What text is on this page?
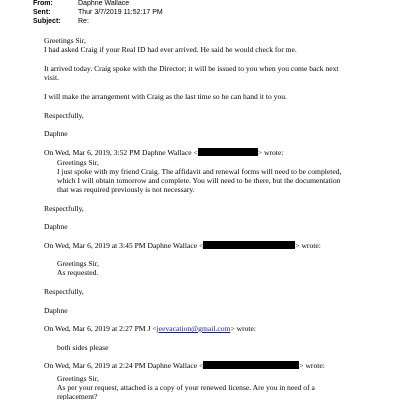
From:	Daphne Wallace
Sent:	Thur 3/7/2019 11:52:17 PM
Subject:	Re:
Greetings Sir,
I had asked Craig if your Real ID had ever arrived. He said he would check for me.
It arrived today. Craig spoke with the Director; it will be issued to you when you come back next
visit.
I will make the arrangement with Craig as the last time so he can hand it to you.
Respectfully,
Daphne
On Wed, Mar 6, 2019, 3:52 PM Daphne Wallace <	> wrote:
Greetings Sir,
I just spoke with my friend Craig. The affidavit and renewal forms will need to be completed,
which I will obtain tomorrow and complete. You will need to be there, but the documentation
that was required previously is not necessary.
Respectfully,
Daphne
On Wed, Mar 6, 2019 at 3:45 PM Daphne Wallace <	> wrote:
Greetings Sir,
As requested.
Respectfully,
Daphne
On Wed, Mar 6, 2019 at 2:27 PM J <jeevacation@gmail.com> wrote:
both sides please
On Wed, Mar 6, 2019 at 2:24 PM Daphne Wallace <	> wrote:
Greetings Sir,
As per your request, attached is a copy of your renewed license. Are you in need of a
replacement?
